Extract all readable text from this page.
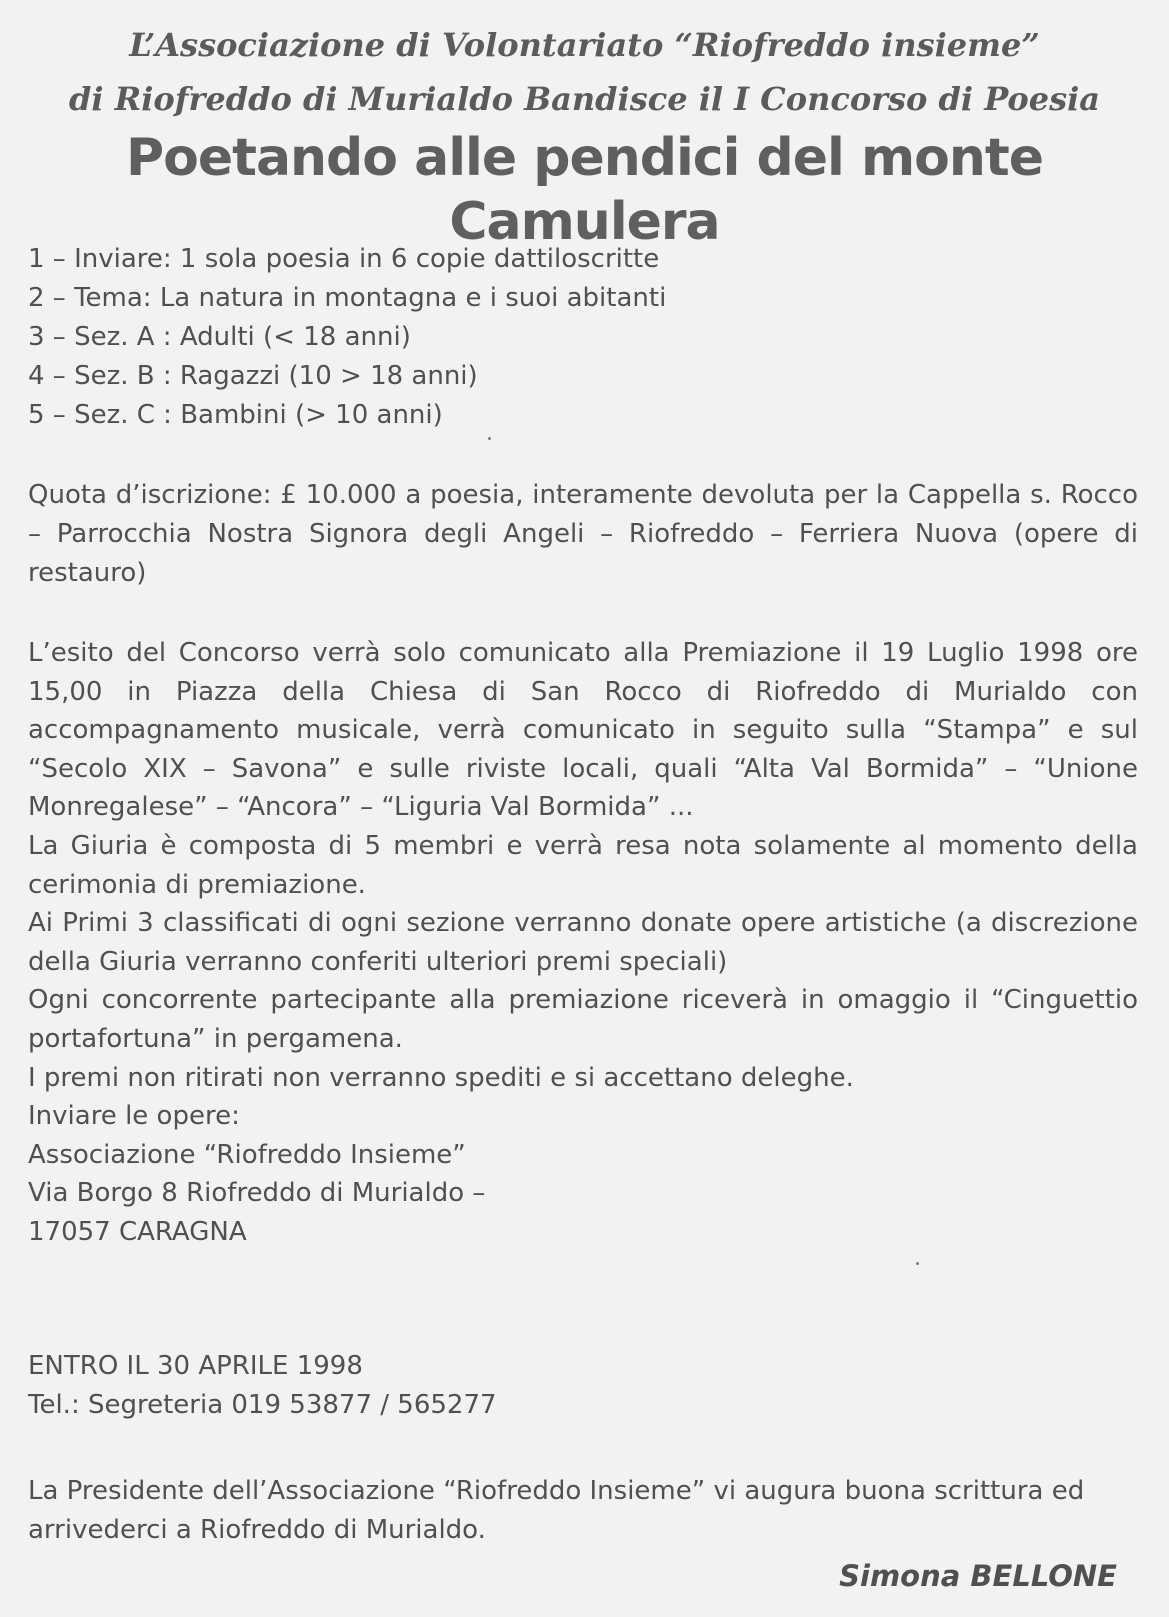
L’Associazione di Volontariato “Riofreddo insieme”

di Riofreddo di Murialdo Bandisce il I Concorso di Poesia

Poetando alle pendici del monte Camulera

1 – Inviare: 1 sola poesia in 6 copie dattiloscritte
2 – Tema: La natura in montagna e i suoi abitanti
3 – Sez. A : Adulti (< 18 anni)
4 – Sez. B : Ragazzi (10 > 18 anni)
5 – Sez. C : Bambini (> 10 anni)

Quota d’iscrizione: £ 10.000 a poesia, interamente devoluta per la Cappella s. Rocco – Parrocchia Nostra Signora degli Angeli – Riofreddo – Ferriera Nuova (opere di restauro)

L’esito del Concorso verrà solo comunicato alla Premiazione il 19 Luglio 1998 ore 15,00 in Piazza della Chiesa di San Rocco di Riofreddo di Murialdo con accompagnamento musicale, verrà comunicato in seguito sulla “Stampa” e sul “Secolo XIX – Savona” e sulle riviste locali, quali “Alta Val Bormida” – “Unione Monregalese” – “Ancora” – “Liguria Val Bormida” ...

La Giuria è composta di 5 membri e verrà resa nota solamente al momento della cerimonia di premiazione.

Ai Primi 3 classificati di ogni sezione verranno donate opere artistiche (a discrezione della Giuria verranno conferiti ulteriori premi speciali)

Ogni concorrente partecipante alla premiazione riceverà in omaggio il “Cinguettio portafortuna” in pergamena.

I premi non ritirati non verranno spediti e si accettano deleghe.

Inviare le opere:

Associazione “Riofreddo Insieme”

Via Borgo 8 Riofreddo di Murialdo –

17057 CARAGNA

ENTRO IL 30 APRILE 1998

Tel.: Segreteria 019 53877 / 565277

La Presidente dell’Associazione “Riofreddo Insieme” vi augura buona scrittura ed arrivederci a Riofreddo di Murialdo.

Simona BELLONE
